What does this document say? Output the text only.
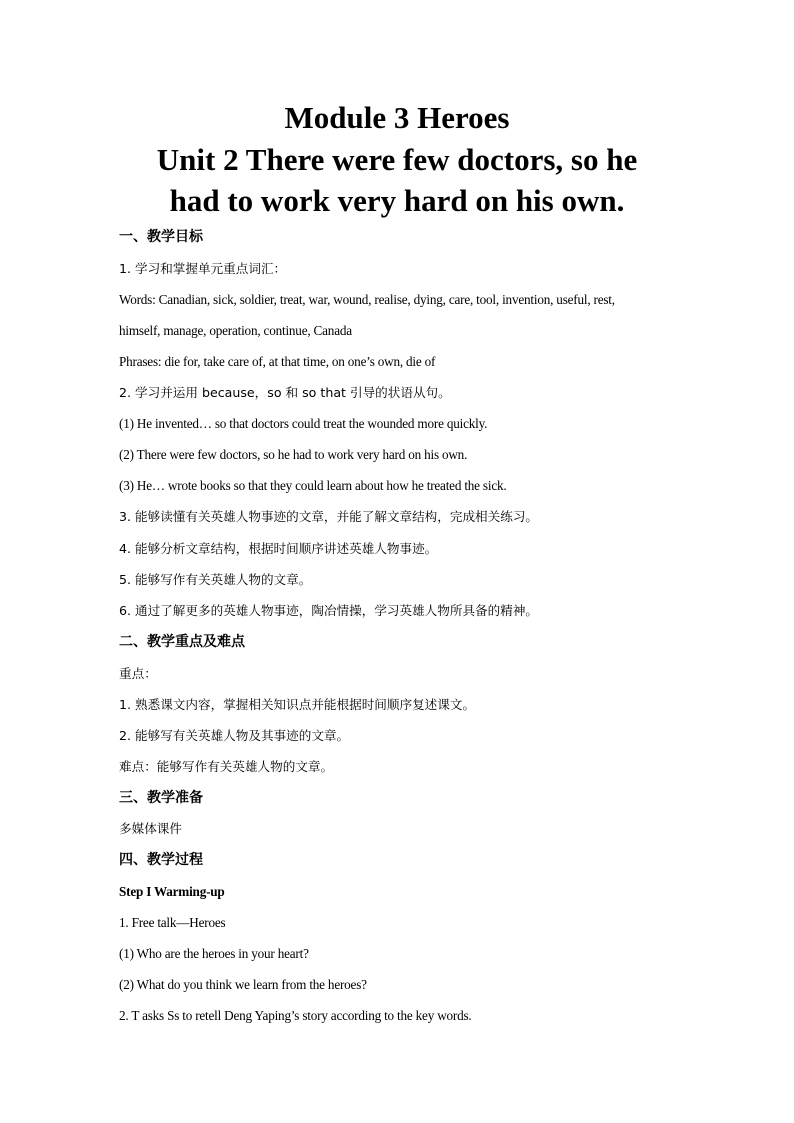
Module 3 Heroes
Unit 2 There were few doctors, so he
had to work very hard on his own.
一、教学目标
1. 学习和掌握单元重点词汇：
Words: Canadian, sick, soldier, treat, war, wound, realise, dying, care, tool, invention, useful, rest,
himself, manage, operation, continue, Canada
Phrases: die for, take care of, at that time, on one’s own, die of
2. 学习并运用 because，so 和 so that 引导的状语从句。
(1) He invented… so that doctors could treat the wounded more quickly.
(2) There were few doctors, so he had to work very hard on his own.
(3) He… wrote books so that they could learn about how he treated the sick.
3. 能够读懂有关英雄人物事迹的文章，并能了解文章结构，完成相关练习。
4. 能够分析文章结构，根据时间顺序讲述英雄人物事迹。
5. 能够写作有关英雄人物的文章。
6. 通过了解更多的英雄人物事迹，陶冶情操，学习英雄人物所具备的精神。
二、教学重点及难点
重点：
1. 熟悉课文内容，掌握相关知识点并能根据时间顺序复述课文。
2. 能够写有关英雄人物及其事迹的文章。
难点：能够写作有关英雄人物的文章。
三、教学准备
多媒体课件
四、教学过程
Step I Warming-up
1. Free talk—Heroes
(1) Who are the heroes in your heart?
(2) What do you think we learn from the heroes?
2. T asks Ss to retell Deng Yaping’s story according to the key words.
